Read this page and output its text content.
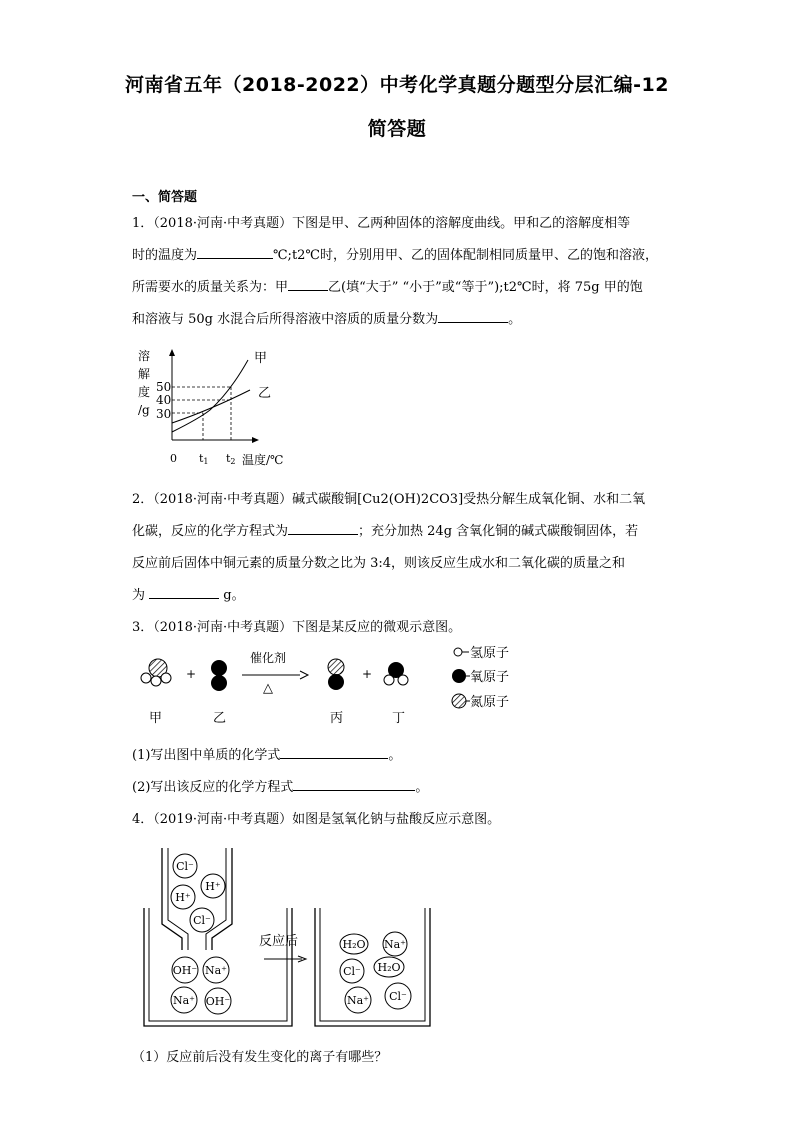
河南省五年（2018-2022）中考化学真题分题型分层汇编-12
简答题
一、简答题
1．（2018·河南·中考真题）下图是甲、乙两种固体的溶解度曲线。甲和乙的溶解度相等
时的温度为	℃;t2℃时，分别用甲、乙的固体配制相同质量甲、乙的饱和溶液，
所需要水的质量关系为：甲	乙(填“大于” “小于”或“等于”);t2℃时，将 75g 甲的饱
和溶液与 50g 水混合后所得溶液中溶质的质量分数为	。
溶
解
度
/g
50
40
30
甲
乙
0 t1 t2 温度/℃
2．（2018·河南·中考真题）碱式碳酸铜[Cu2(OH)2CO3]受热分解生成氧化铜、水和二氧
化碳，反应的化学方程式为	；充分加热 24g 含氧化铜的碱式碳酸铜固体，若
反应前后固体中铜元素的质量分数之比为 3:4，则该反应生成水和二氧化碳的质量之和
为	g。
3．（2018·河南·中考真题）下图是某反应的微观示意图。
+
催化剂
△
+
甲	乙	丙	丁
氢原子
氧原子
氮原子
(1)写出图中单质的化学式	。
(2)写出该反应的化学方程式	。
4．（2019·河南·中考真题）如图是氢氧化钠与盐酸反应示意图。
Cl⁻
H⁺
H⁺
Cl⁻
OH⁻ Na⁺
Na⁺ OH⁻
反应后	H₂O Na⁺
Cl⁻ H₂O
Na⁺ Cl⁻
（1）反应前后没有发生变化的离子有哪些？
